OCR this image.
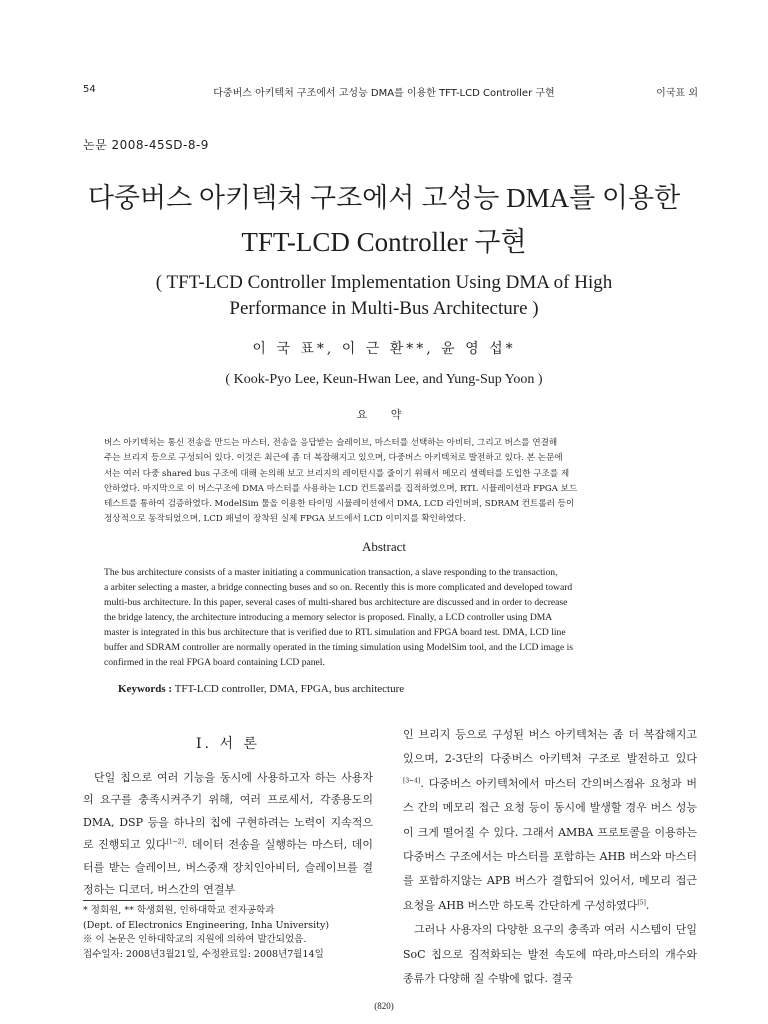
54	다중버스 아키텍처 구조에서 고성능 DMA를 이용한 TFT-LCD Controller 구현	이국표 외
논문 2008-45SD-8-9
다중버스 아키텍처 구조에서 고성능 DMA를 이용한
TFT-LCD Controller 구현
( TFT-LCD Controller Implementation Using DMA of High
Performance in Multi-Bus Architecture )
이 국 표*, 이 근 환**, 윤 영 섭*
( Kook-Pyo Lee, Keun-Hwan Lee, and Yung-Sup Yoon )
요 약
버스 아키텍처는 통신 전송을 만드는 마스터, 전송을 응답받는 슬레이브, 마스터를 선택하는 아비터, 그리고 버스를 연결해
주는 브리지 등으로 구성되어 있다. 이것은 최근에 좀 더 복잡해지고 있으며, 다중버스 아키텍처로 발전하고 있다. 본 논문에
서는 여러 다중 shared bus 구조에 대해 논의해 보고 브리지의 레이턴시를 줄이기 위해서 메모리 셀렉터를 도입한 구조를 제
안하였다. 마지막으로 이 버스구조에 DMA 마스터를 사용하는 LCD 컨트롤러를 집적하였으며, RTL 시뮬레이션과 FPGA 보드
테스트를 통하여 검증하였다. ModelSim 툴을 이용한 타이밍 시뮬레이션에서 DMA, LCD 라인버퍼, SDRAM 컨트롤러 등이
정상적으로 동작되었으며, LCD 패널이 장착된 실제 FPGA 보드에서 LCD 이미지를 확인하였다.
Abstract
The bus architecture consists of a master initiating a communication transaction, a slave responding to the transaction,
a arbiter selecting a master, a bridge connecting buses and so on. Recently this is more complicated and developed toward
multi-bus architecture. In this paper, several cases of multi-shared bus architecture are discussed and in order to decrease
the bridge latency, the architecture introducing a memory selector is proposed. Finally, a LCD controller using DMA
master is integrated in this bus architecture that is verified due to RTL simulation and FPGA board test. DMA, LCD line
buffer and SDRAM controller are normally operated in the timing simulation using ModelSim tool, and the LCD image is
confirmed in the real FPGA board containing LCD panel.
Keywords : TFT-LCD controller, DMA, FPGA, bus architecture
I. 서 론

단일 칩으로 여러 기능을 동시에 사용하고자 하는 사용자의 요구를 충족시켜주기 위해, 여러 프로세서, 각종용도의 DMA, DSP 등을 하나의 칩에 구현하려는 노력이 지속적으로 진행되고 있다[1~2]. 데이터 전송을 실행하는 마스터, 데이터를 받는 슬레이브, 버스중재 장치인아비터, 슬레이브를 결정하는 디코더, 버스간의 연결부

인 브리지 등으로 구성된 버스 아키텍처는 좀 더 복잡해지고 있으며, 2-3단의 다중버스 아키텍처 구조로 발전하고 있다[3~4]. 다중버스 아키텍처에서 마스터 간의버스점유 요청과 버스 간의 메모리 접근 요청 등이 동시에 발생할 경우 버스 성능이 크게 떨어질 수 있다. 그래서 AMBA 프로토콜을 이용하는 다중버스 구조에서는 마스터를 포함하는 AHB 버스와 마스터를 포함하지않는 APB 버스가 결합되어 있어서, 메모리 접근 요청을 AHB 버스만 하도록 간단하게 구성하였다[5].

그러나 사용자의 다양한 요구의 충족과 여러 시스템이 단일 SoC 칩으로 집적화되는 발전 속도에 따라,마스터의 개수와 종류가 다양해 질 수밖에 없다. 결국

* 정회원, ** 학생회원, 인하대학교 전자공학과
(Dept. of Electronics Engineering, Inha University)
※ 이 논문은 인하대학교의 지원에 의하여 발간되었음.
접수일자: 2008년3월21일, 수정완료일: 2008년7월14일
(820)
